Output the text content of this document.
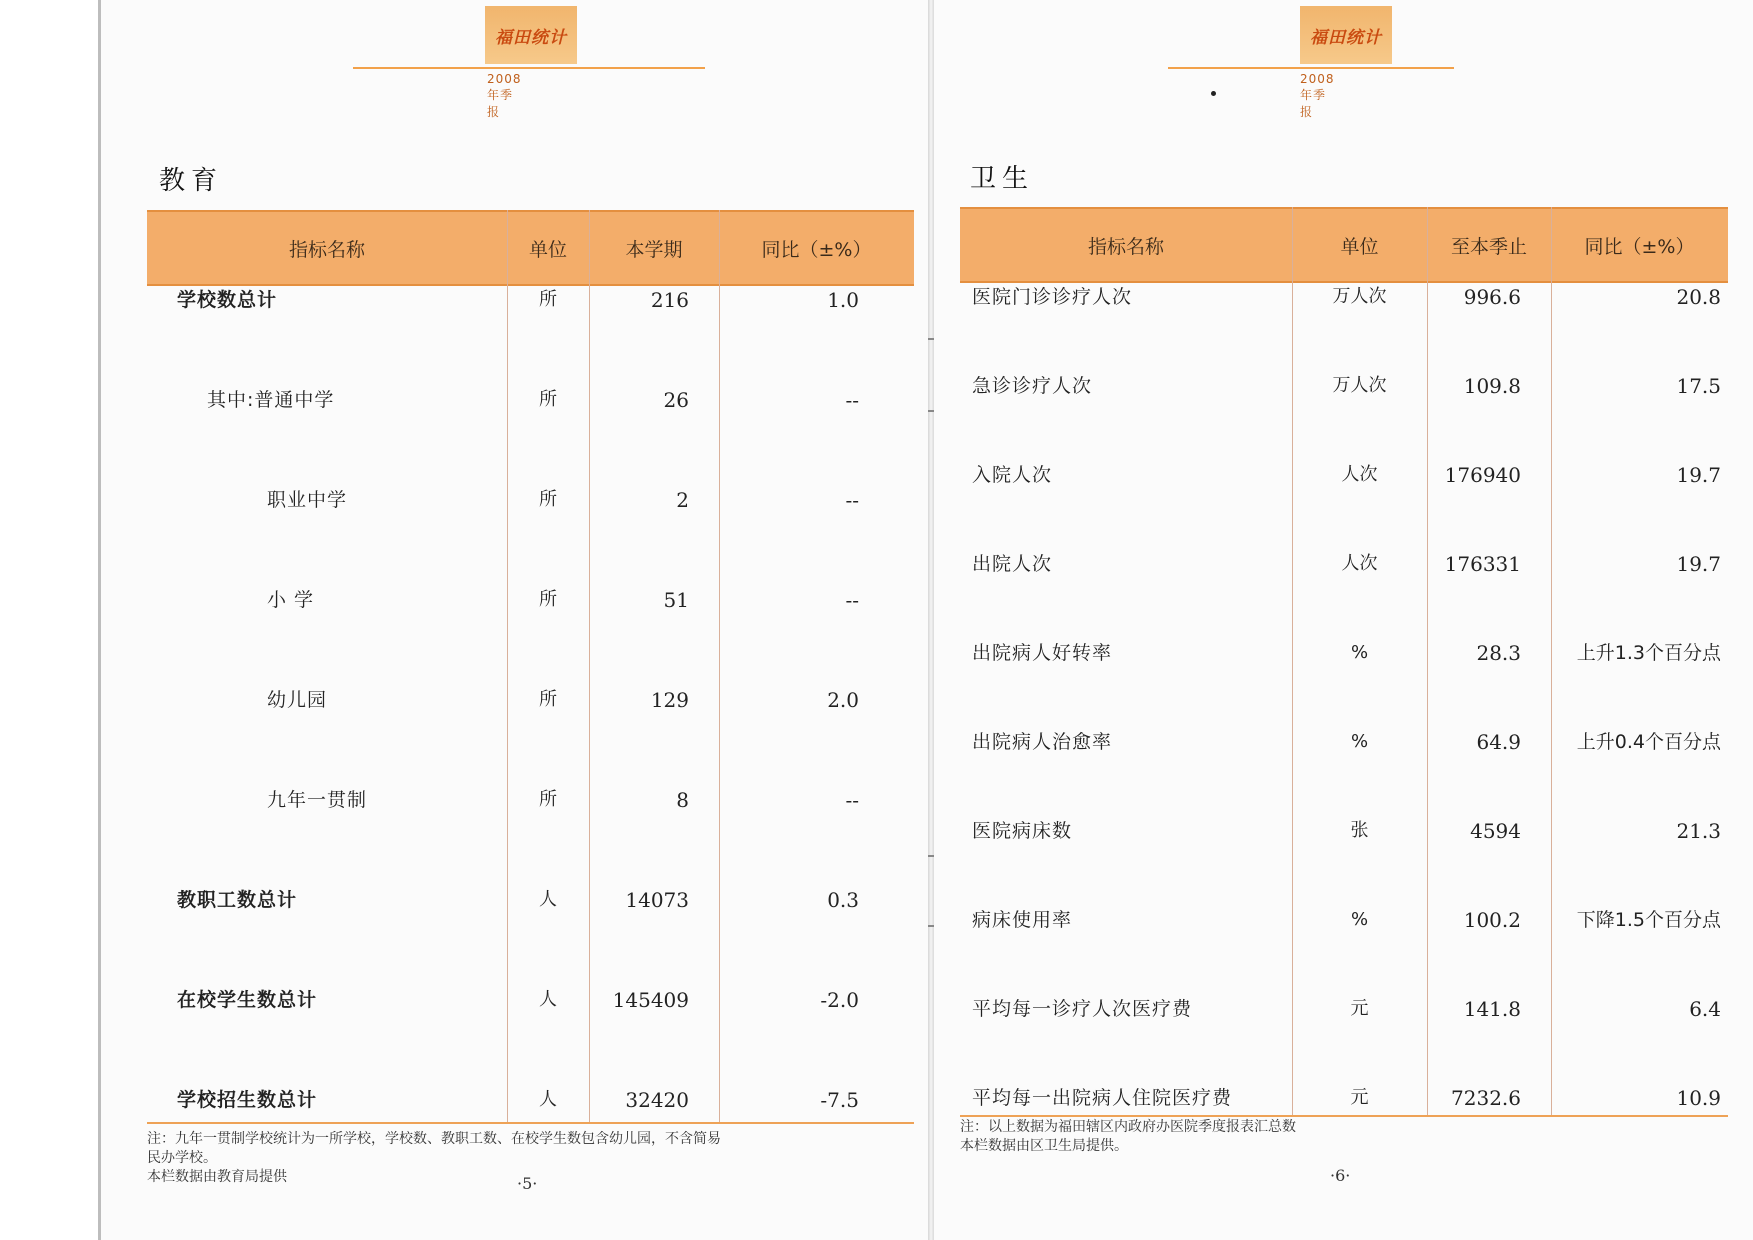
福田统计
2008年季报
教育
指标名称	单位	本学期	同比（±%）
学校数总计	所	216	1.0
其中:普通中学	所	26	--
职业中学	所	2	--
小 学	所	51	--
幼儿园	所	129	2.0
九年一贯制	所	8	--
教职工数总计	人	14073	0.3
在校学生数总计	人	145409	-2.0
学校招生数总计	人	32420	-7.5
注：九年一贯制学校统计为一所学校，学校数、教职工数、在校学生数包含幼儿园，不含简易
民办学校。
本栏数据由教育局提供	·5·
福田统计
2008年季报
卫生
指标名称	单位	至本季止	同比（±%）
医院门诊诊疗人次	万人次	996.6	20.8
急诊诊疗人次	万人次	109.8	17.5
入院人次	人次	176940	19.7
出院人次	人次	176331	19.7
出院病人好转率	%	28.3	上升1.3个百分点
出院病人治愈率	%	64.9	上升0.4个百分点
医院病床数	张	4594	21.3
病床使用率	%	100.2	下降1.5个百分点
平均每一诊疗人次医疗费	元	141.8	6.4
平均每一出院病人住院医疗费	元	7232.6	10.9
注：以上数据为福田辖区内政府办医院季度报表汇总数
本栏数据由区卫生局提供。
·6·
